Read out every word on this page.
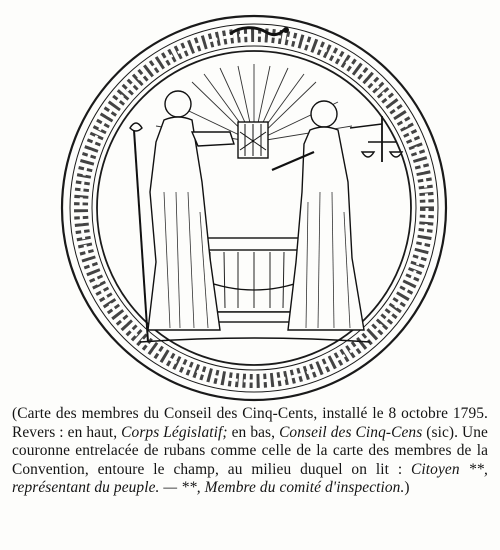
(Carte des membres du Conseil des Cinq-Cents, installé le 8 octobre 1795. Revers : en haut, Corps Législatif; en bas, Conseil des Cinq-Cens (sic). Une couronne entrelacée de rubans comme celle de la carte des membres de la Convention, entoure le champ, au milieu duquel on lit : Citoyen **, représentant du peuple. — **, Membre du comité d'inspection.)
